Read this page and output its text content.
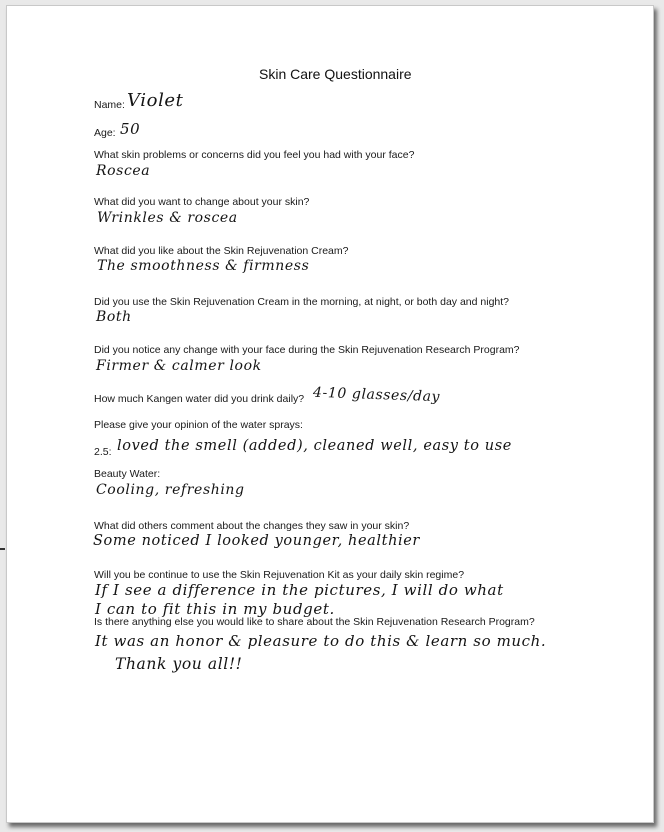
Skin Care Questionnaire
Name: Violet
Age: 50
What skin problems or concerns did you feel you had with your face?
Roscea
What did you want to change about your skin?
Wrinkles & roscea
What did you like about the Skin Rejuvenation Cream?
The smoothness & firmness
Did you use the Skin Rejuvenation Cream in the morning, at night, or both day and night?
Both
Did you notice any change with your face during the Skin Rejuvenation Research Program?
Firmer & calmer look
How much Kangen water did you drink daily? 4-10 glasses/day
Please give your opinion of the water sprays:
2.5: loved the smell (added), cleaned well, easy to use
Beauty Water:
Cooling, refreshing
What did others comment about the changes they saw in your skin?
Some noticed I looked younger, healthier
Will you be continue to use the Skin Rejuvenation Kit as your daily skin regime?
If I see a difference in the pictures, I will do what
I can to fit this in my budget.
Is there anything else you would like to share about the Skin Rejuvenation Research Program?
It was an honor & pleasure to do this & learn so much.
Thank you all!!
